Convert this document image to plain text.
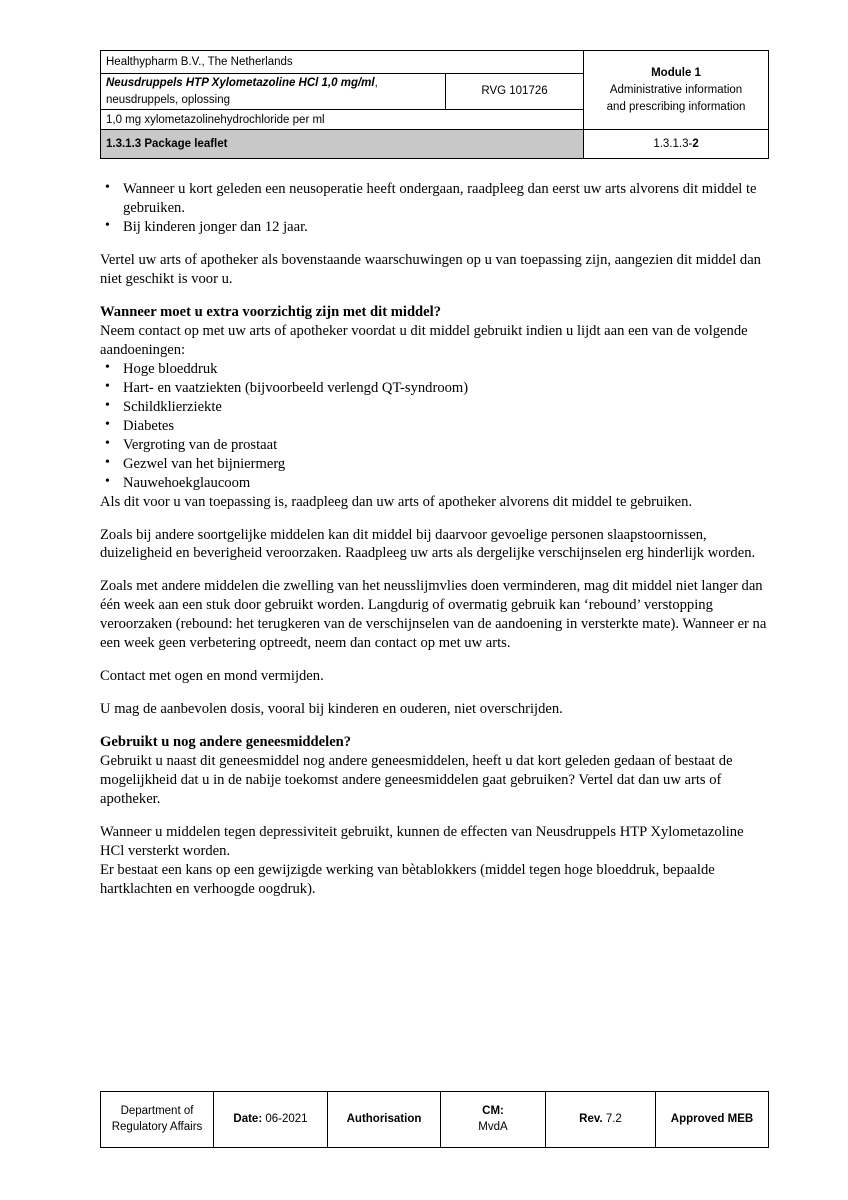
Healthypharm B.V., The Netherlands		Module 1
Administrative information
and prescribing information
Neusdruppels HTP Xylometazoline HCl 1,0 mg/ml,
neusdruppels, oplossing	RVG 101726	
1,0 mg xylometazolinehydrochloride per ml		
1.3.1.3 Package leaflet		1.3.1.3-2
• Wanneer u kort geleden een neusoperatie heeft ondergaan, raadpleeg dan eerst uw arts alvorens dit middel te gebruiken.
• Bij kinderen jonger dan 12 jaar.

Vertel uw arts of apotheker als bovenstaande waarschuwingen op u van toepassing zijn, aangezien dit middel dan niet geschikt is voor u.

Wanneer moet u extra voorzichtig zijn met dit middel?

Neem contact op met uw arts of apotheker voordat u dit middel gebruikt indien u lijdt aan een van de volgende aandoeningen:

• Hoge bloeddruk
• Hart- en vaatziekten (bijvoorbeeld verlengd QT-syndroom)
• Schildklierziekte
• Diabetes
• Vergroting van de prostaat
• Gezwel van het bijniermerg
• Nauwehoekglaucoom

Als dit voor u van toepassing is, raadpleeg dan uw arts of apotheker alvorens dit middel te gebruiken.

Zoals bij andere soortgelijke middelen kan dit middel bij daarvoor gevoelige personen slaapstoornissen, duizeligheid en beverigheid veroorzaken. Raadpleeg uw arts als dergelijke verschijnselen erg hinderlijk worden.

Zoals met andere middelen die zwelling van het neusslijmvlies doen verminderen, mag dit middel niet langer dan één week aan een stuk door gebruikt worden. Langdurig of overmatig gebruik kan ‘rebound’ verstopping veroorzaken (rebound: het terugkeren van de verschijnselen van de aandoening in versterkte mate). Wanneer er na een week geen verbetering optreedt, neem dan contact op met uw arts.

Contact met ogen en mond vermijden.

U mag de aanbevolen dosis, vooral bij kinderen en ouderen, niet overschrijden.

Gebruikt u nog andere geneesmiddelen?

Gebruikt u naast dit geneesmiddel nog andere geneesmiddelen, heeft u dat kort geleden gedaan of bestaat de mogelijkheid dat u in de nabije toekomst andere geneesmiddelen gaat gebruiken? Vertel dat dan uw arts of apotheker.

Wanneer u middelen tegen depressiviteit gebruikt, kunnen de effecten van Neusdruppels HTP Xylometazoline HCl versterkt worden.

Er bestaat een kans op een gewijzigde werking van bètablokkers (middel tegen hoge bloeddruk, bepaalde hartklachten en verhoogde oogdruk).

Department of
Regulatory Affairs	Date: 06-2021	Authorisation	CM:
MvdA	Rev. 7.2	Approved MEB
